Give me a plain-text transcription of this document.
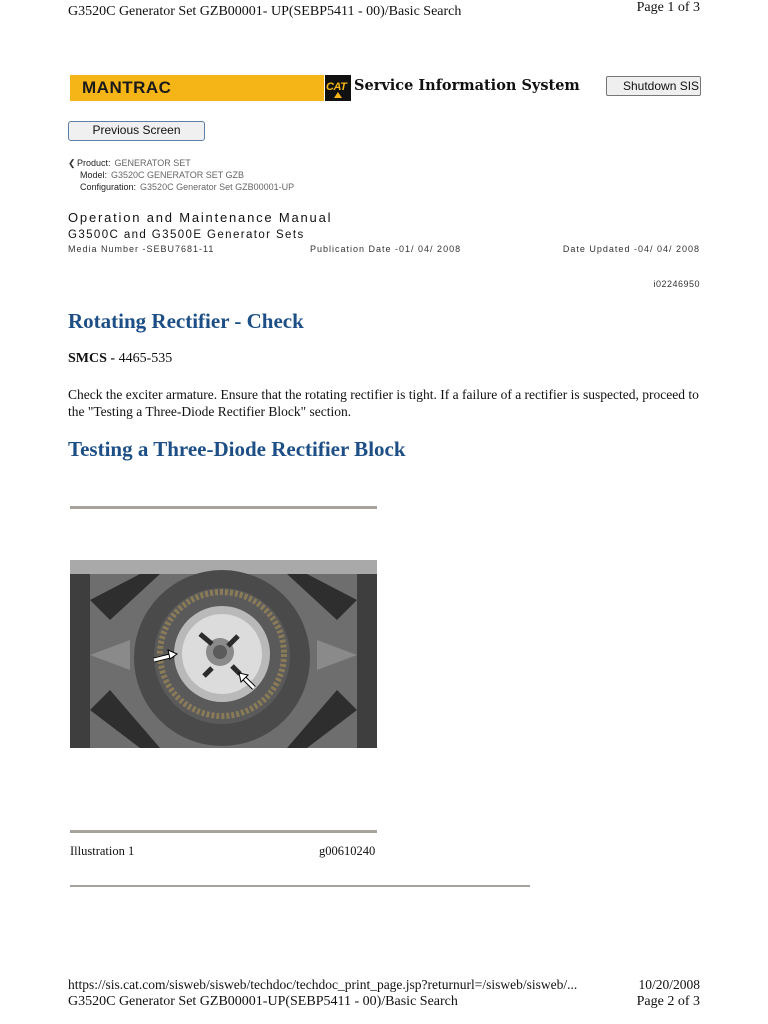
G3520C Generator Set GZB00001- UP(SEBP5411 - 00)/Basic Search	Page 1 of 3
MANTRAC	CAT Service Information System	Shutdown SIS
Previous Screen
❮Product: GENERATOR SET
Model: G3520C GENERATOR SET GZB
Configuration: G3520C Generator Set GZB00001-UP
Operation and Maintenance Manual
G3500C and G3500E Generator Sets
Media Number -SEBU7681-11	Publication Date -01/ 04/ 2008	Date Updated -04/ 04/ 2008
i02246950
Rotating Rectifier - Check
SMCS - 4465-535
Check the exciter armature. Ensure that the rotating rectifier is tight. If a failure of a rectifier is suspected, proceed to the "Testing a Three-Diode Rectifier Block" section.
Testing a Three-Diode Rectifier Block
Illustration 1	g00610240
https://sis.cat.com/sisweb/sisweb/techdoc/techdoc_print_page.jsp?returnurl=/sisweb/sisweb/...	10/20/2008
G3520C Generator Set GZB00001-UP(SEBP5411 - 00)/Basic Search	Page 2 of 3
